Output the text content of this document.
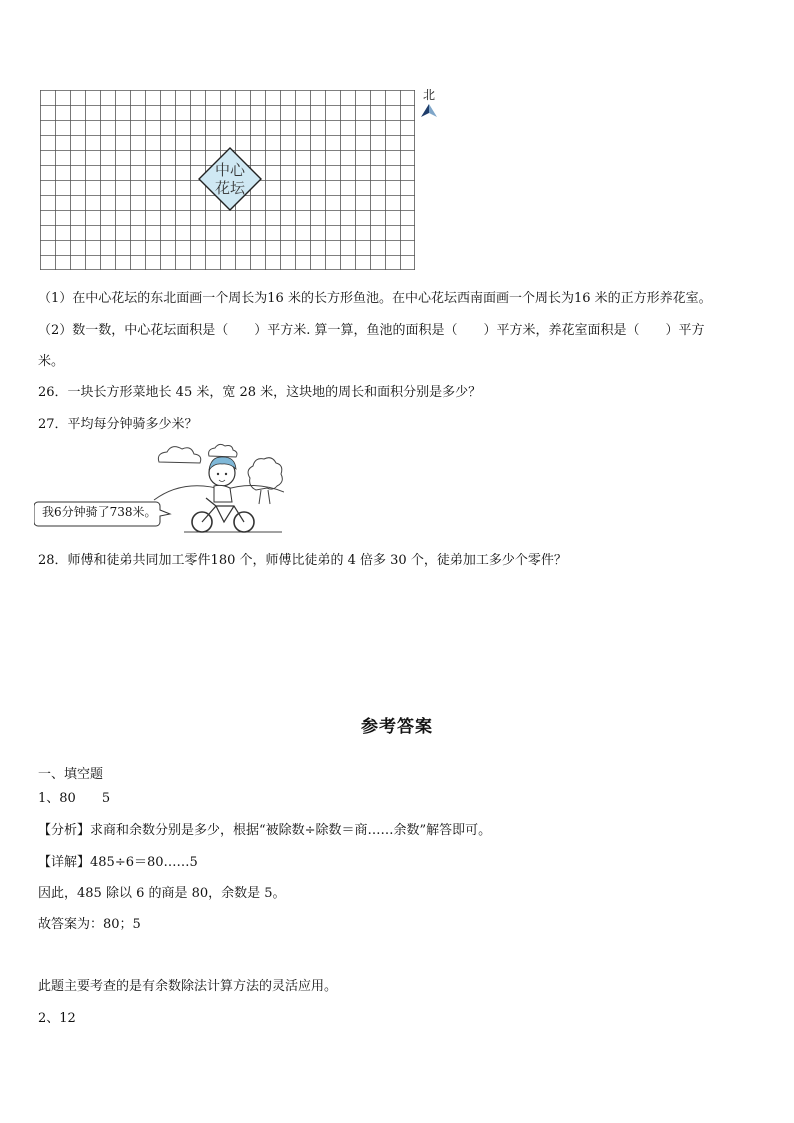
中心
花坛
北
（1）在中心花坛的东北面画一个周长为16 米的长方形鱼池。在中心花坛西南面画一个周长为16 米的正方形养花室。
（2）数一数，中心花坛面积是（　　）平方米. 算一算，鱼池的面积是（　　）平方米，养花室面积是（　　）平方
米。
26．一块长方形菜地长 45 米，宽 28 米，这块地的周长和面积分别是多少？
27．平均每分钟骑多少米？
我6分钟骑了738米。
28．师傅和徒弟共同加工零件180 个，师傅比徒弟的 4 倍多 30 个，徒弟加工多少个零件？
参考答案
一、填空题
1、80　　5
【分析】求商和余数分别是多少，根据“被除数÷除数＝商……余数”解答即可。
【详解】485÷6＝80……5
因此，485 除以 6 的商是 80，余数是 5。
故答案为：80；5
此题主要考查的是有余数除法计算方法的灵活应用。
2、12
